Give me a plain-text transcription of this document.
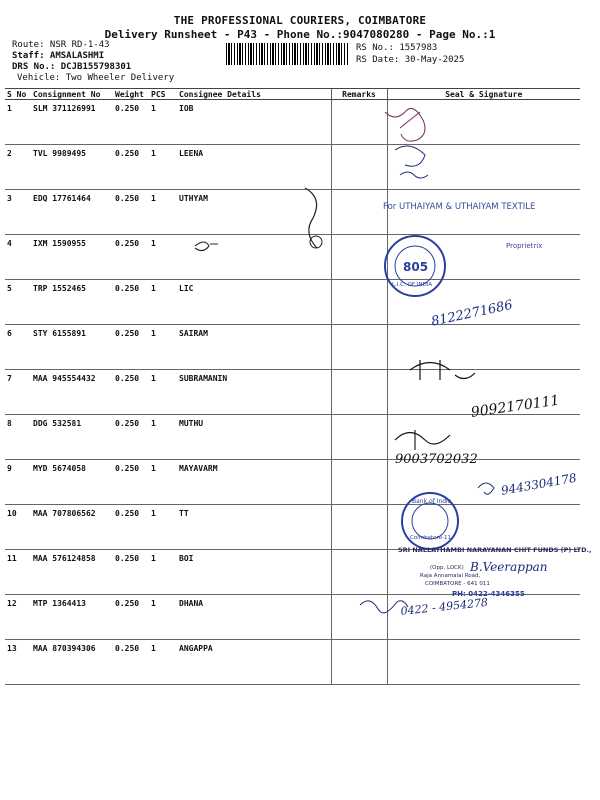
THE PROFESSIONAL COURIERS, COIMBATORE
Delivery Runsheet - P43 - Phone No.:9047080280 - Page No.:1
Route: NSR RD-1-43
Staff: AMSALASHMI
DRS No.: DCJB155798301
Vehicle: Two Wheeler Delivery
RS No.: 1557983
RS Date: 30-May-2025
S No	Consignment No	Weight	PCS	Consignee Details	Remarks	Seal & Signature
1	SLM 371126991	0.250	1	IOB		
2	TVL 9989495	0.250	1	LEENA		
3	EDQ 17761464	0.250	1	UTHYAM		
4	IXM 1590955	0.250	1			
5	TRP 1552465	0.250	1	LIC		
6	STY 6155891	0.250	1	SAIRAM		
7	MAA 945554432	0.250	1	SUBRAMANIN		
8	DDG 532581	0.250	1	MUTHU		
9	MYD 5674058	0.250	1	MAYAVARM		
10	MAA 707806562	0.250	1	TT		
11	MAA 576124858	0.250	1	BOI		
12	MTP 1364413	0.250	1	DHANA		
13	MAA 870394306	0.250	1	ANGAPPA		
For UTHAIYAM & UTHAIYAM TEXTILE
Proprietrix
805
L.I.C. OF INDIA
8122271686
9092170111
9003702032
9443304178
Bank of India
Coimbatore-11
SRI NALLATHAMBI NARAYANAN CHIT FUNDS (P) LTD.,
(Opp. LOCK)
Raja Annamalai Road,
COIMBATORE - 641 011
B.Veerappan
PH: 0422-4346355
0422 - 4954278
